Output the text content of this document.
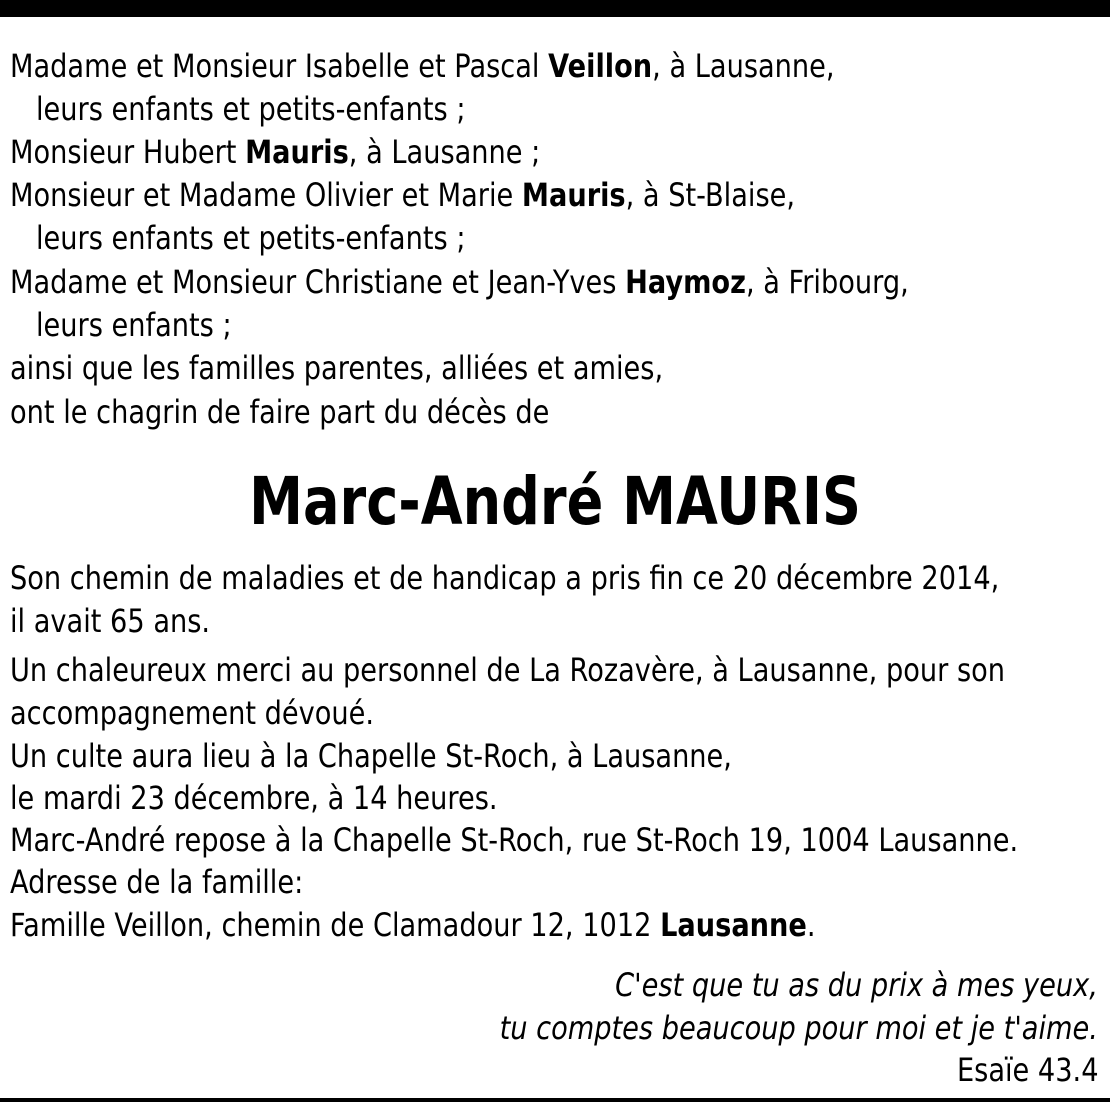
Madame et Monsieur Isabelle et Pascal Veillon, à Lausanne,
leurs enfants et petits-enfants ;
Monsieur Hubert Mauris, à Lausanne ;
Monsieur et Madame Olivier et Marie Mauris, à St-Blaise,
leurs enfants et petits-enfants ;
Madame et Monsieur Christiane et Jean-Yves Haymoz, à Fribourg,
leurs enfants ;
ainsi que les familles parentes, alliées et amies,
ont le chagrin de faire part du décès de
Marc-André MAURIS
Son chemin de maladies et de handicap a pris fin ce 20 décembre 2014,
il avait 65 ans.
Un chaleureux merci au personnel de La Rozavère, à Lausanne, pour son
accompagnement dévoué.
Un culte aura lieu à la Chapelle St-Roch, à Lausanne,
le mardi 23 décembre, à 14 heures.
Marc-André repose à la Chapelle St-Roch, rue St-Roch 19, 1004 Lausanne.
Adresse de la famille:
Famille Veillon, chemin de Clamadour 12, 1012 Lausanne.
C'est que tu as du prix à mes yeux,
tu comptes beaucoup pour moi et je t'aime.
Esaïe 43.4
